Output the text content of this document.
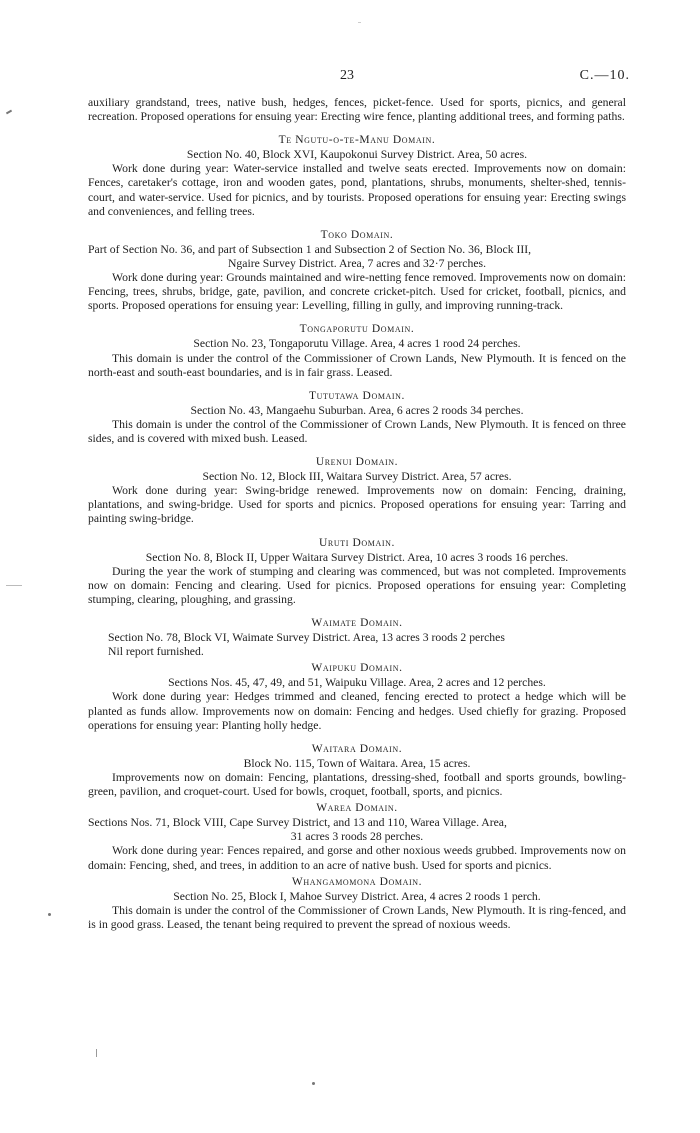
23	C.—10.

auxiliary grandstand, trees, native bush, hedges, fences, picket-fence. Used for sports, picnics, and general recreation. Proposed operations for ensuing year: Erecting wire fence, planting additional trees, and forming paths.

Te Ngutu-o-te-Manu Domain.

Section No. 40, Block XVI, Kaupokonui Survey District. Area, 50 acres.

Work done during year: Water-service installed and twelve seats erected. Improvements now on domain: Fences, caretaker's cottage, iron and wooden gates, pond, plantations, shrubs, monuments, shelter-shed, tennis-court, and water-service. Used for picnics, and by tourists. Proposed operations for ensuing year: Erecting swings and conveniences, and felling trees.

Toko Domain.

Part of Section No. 36, and part of Subsection 1 and Subsection 2 of Section No. 36, Block III,

Ngaire Survey District. Area, 7 acres and 32·7 perches.

Work done during year: Grounds maintained and wire-netting fence removed. Improvements now on domain: Fencing, trees, shrubs, bridge, gate, pavilion, and concrete cricket-pitch. Used for cricket, football, picnics, and sports. Proposed operations for ensuing year: Levelling, filling in gully, and improving running-track.

Tongaporutu Domain.

Section No. 23, Tongaporutu Village. Area, 4 acres 1 rood 24 perches.

This domain is under the control of the Commissioner of Crown Lands, New Plymouth. It is fenced on the north-east and south-east boundaries, and is in fair grass. Leased.

Tututawa Domain.

Section No. 43, Mangaehu Suburban. Area, 6 acres 2 roods 34 perches.

This domain is under the control of the Commissioner of Crown Lands, New Plymouth. It is fenced on three sides, and is covered with mixed bush. Leased.

Urenui Domain.

Section No. 12, Block III, Waitara Survey District. Area, 57 acres.

Work done during year: Swing-bridge renewed. Improvements now on domain: Fencing, draining, plantations, and swing-bridge. Used for sports and picnics. Proposed operations for ensuing year: Tarring and painting swing-bridge.

Uruti Domain.

Section No. 8, Block II, Upper Waitara Survey District. Area, 10 acres 3 roods 16 perches.

During the year the work of stumping and clearing was commenced, but was not completed. Improvements now on domain: Fencing and clearing. Used for picnics. Proposed operations for ensuing year: Completing stumping, clearing, ploughing, and grassing.

Waimate Domain.

Section No. 78, Block VI, Waimate Survey District. Area, 13 acres 3 roods 2 perches

Nil report furnished.

Waipuku Domain.

Sections Nos. 45, 47, 49, and 51, Waipuku Village. Area, 2 acres and 12 perches.

Work done during year: Hedges trimmed and cleaned, fencing erected to protect a hedge which will be planted as funds allow. Improvements now on domain: Fencing and hedges. Used chiefly for grazing. Proposed operations for ensuing year: Planting holly hedge.

Waitara Domain.

Block No. 115, Town of Waitara. Area, 15 acres.

Improvements now on domain: Fencing, plantations, dressing-shed, football and sports grounds, bowling-green, pavilion, and croquet-court. Used for bowls, croquet, football, sports, and picnics.

Warea Domain.

Sections Nos. 71, Block VIII, Cape Survey District, and 13 and 110, Warea Village. Area,

31 acres 3 roods 28 perches.

Work done during year: Fences repaired, and gorse and other noxious weeds grubbed. Improvements now on domain: Fencing, shed, and trees, in addition to an acre of native bush. Used for sports and picnics.

Whangamomona Domain.

Section No. 25, Block I, Mahoe Survey District. Area, 4 acres 2 roods 1 perch.

This domain is under the control of the Commissioner of Crown Lands, New Plymouth. It is ring-fenced, and is in good grass. Leased, the tenant being required to prevent the spread of noxious weeds.
